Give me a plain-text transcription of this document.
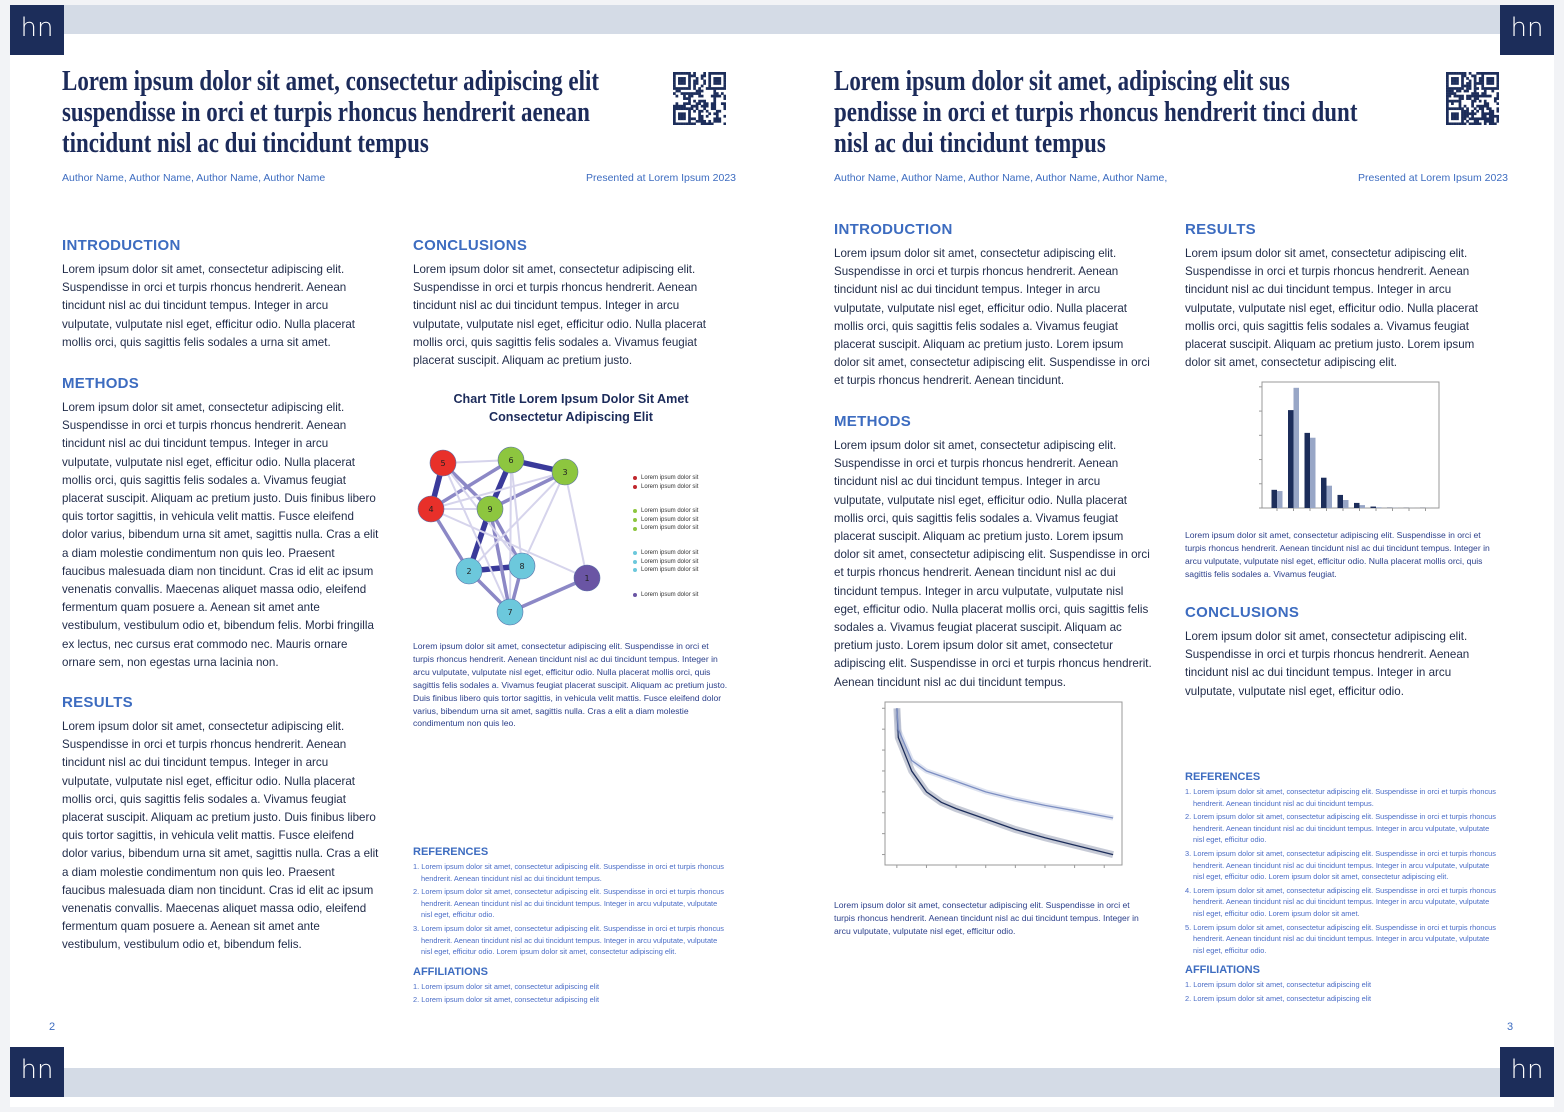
hn	hn
hn	hn
Lorem ipsum dolor sit amet, consectetur adipiscing elit
suspendisse in orci et turpis rhoncus hendrerit aenean
tincidunt nisl ac dui tincidunt tempus
Author Name, Author Name, Author Name, Author Name	Presented at Lorem Ipsum 2023
INTRODUCTION

Lorem ipsum dolor sit amet, consectetur adipiscing elit. Suspendisse in orci et turpis rhoncus hendrerit. Aenean tincidunt nisl ac dui tincidunt tempus. Integer in arcu vulputate, vulputate nisl eget, efficitur odio. Nulla placerat mollis orci, quis sagittis felis sodales a urna sit amet.

METHODS

Lorem ipsum dolor sit amet, consectetur adipiscing elit. Suspendisse in orci et turpis rhoncus hendrerit. Aenean tincidunt nisl ac dui tincidunt tempus. Integer in arcu vulputate, vulputate nisl eget, efficitur odio. Nulla placerat mollis orci, quis sagittis felis sodales a. Vivamus feugiat placerat suscipit. Aliquam ac pretium justo. Duis finibus libero quis tortor sagittis, in vehicula velit mattis. Fusce eleifend dolor varius, bibendum urna sit amet, sagittis nulla. Cras a elit a diam molestie condimentum non quis leo. Praesent faucibus malesuada diam non tincidunt. Cras id elit ac ipsum venenatis convallis. Maecenas aliquet massa odio, eleifend fermentum quam posuere a. Aenean sit amet ante vestibulum, vestibulum odio et, bibendum felis. Morbi fringilla ex lectus, nec cursus erat commodo nec. Mauris ornare ornare sem, non egestas urna lacinia non.

RESULTS

Lorem ipsum dolor sit amet, consectetur adipiscing elit. Suspendisse in orci et turpis rhoncus hendrerit. Aenean tincidunt nisl ac dui tincidunt tempus. Integer in arcu vulputate, vulputate nisl eget, efficitur odio. Nulla placerat mollis orci, quis sagittis felis sodales a. Vivamus feugiat placerat suscipit. Aliquam ac pretium justo. Duis finibus libero quis tortor sagittis, in vehicula velit mattis. Fusce eleifend dolor varius, bibendum urna sit amet, sagittis nulla. Cras a elit a diam molestie condimentum non quis leo. Praesent faucibus malesuada diam non tincidunt. Cras id elit ac ipsum venenatis convallis. Maecenas aliquet massa odio, eleifend fermentum quam posuere a. Aenean sit amet ante vestibulum, vestibulum odio et, bibendum felis.

CONCLUSIONS

Lorem ipsum dolor sit amet, consectetur adipiscing elit. Suspendisse in orci et turpis rhoncus hendrerit. Aenean tincidunt nisl ac dui tincidunt tempus. Integer in arcu vulputate, vulputate nisl eget, efficitur odio. Nulla placerat mollis orci, quis sagittis felis sodales a. Vivamus feugiat placerat suscipit. Aliquam ac pretium justo.

Chart Title Lorem Ipsum Dolor Sit Amet
Consectetur Adipiscing Elit
1
2
3
4
5	6
7
8
9
Lorem ipsum dolor sit
Lorem ipsum dolor sit
Lorem ipsum dolor sit
Lorem ipsum dolor sit
Lorem ipsum dolor sit
Lorem ipsum dolor sit
Lorem ipsum dolor sit
Lorem ipsum dolor sit
Lorem ipsum dolor sit
Lorem ipsum dolor sit amet, consectetur adipiscing elit. Suspendisse in orci et turpis rhoncus hendrerit. Aenean tincidunt nisl ac dui tincidunt tempus. Integer in arcu vulputate, vulputate nisl eget, efficitur odio. Nulla placerat mollis orci, quis sagittis felis sodales a. Vivamus feugiat placerat suscipit. Aliquam ac pretium justo. Duis finibus libero quis tortor sagittis, in vehicula velit mattis. Fusce eleifend dolor varius, bibendum urna sit amet, sagittis nulla. Cras a elit a diam molestie condimentum non quis leo.
REFERENCES
1. Lorem ipsum dolor sit amet, consectetur adipiscing elit. Suspendisse in orci et turpis rhoncus hendrerit. Aenean tincidunt nisl ac dui tincidunt tempus.
2. Lorem ipsum dolor sit amet, consectetur adipiscing elit. Suspendisse in orci et turpis rhoncus hendrerit. Aenean tincidunt nisl ac dui tincidunt tempus. Integer in arcu vulputate, vulputate nisl eget, efficitur odio.
3. Lorem ipsum dolor sit amet, consectetur adipiscing elit. Suspendisse in orci et turpis rhoncus hendrerit. Aenean tincidunt nisl ac dui tincidunt tempus. Integer in arcu vulputate, vulputate nisl eget, efficitur odio. Lorem ipsum dolor sit amet, consectetur adipiscing elit.
AFFILIATIONS
1. Lorem ipsum dolor sit amet, consectetur adipiscing elit
2. Lorem ipsum dolor sit amet, consectetur adipiscing elit
2
Lorem ipsum dolor sit amet, adipiscing elit sus
pendisse in orci et turpis rhoncus hendrerit tinci dunt
nisl ac dui tincidunt tempus
Author Name, Author Name, Author Name, Author Name, Author Name,	Presented at Lorem Ipsum 2023
INTRODUCTION

Lorem ipsum dolor sit amet, consectetur adipiscing elit. Suspendisse in orci et turpis rhoncus hendrerit. Aenean tincidunt nisl ac dui tincidunt tempus. Integer in arcu vulputate, vulputate nisl eget, efficitur odio. Nulla placerat mollis orci, quis sagittis felis sodales a. Vivamus feugiat placerat suscipit. Aliquam ac pretium justo. Lorem ipsum dolor sit amet, consectetur adipiscing elit. Suspendisse in orci et turpis rhoncus hendrerit. Aenean tincidunt.

METHODS

Lorem ipsum dolor sit amet, consectetur adipiscing elit. Suspendisse in orci et turpis rhoncus hendrerit. Aenean tincidunt nisl ac dui tincidunt tempus. Integer in arcu vulputate, vulputate nisl eget, efficitur odio. Nulla placerat mollis orci, quis sagittis felis sodales a. Vivamus feugiat placerat suscipit. Aliquam ac pretium justo. Lorem ipsum dolor sit amet, consectetur adipiscing elit. Suspendisse in orci et turpis rhoncus hendrerit. Aenean tincidunt nisl ac dui tincidunt tempus. Integer in arcu vulputate, vulputate nisl eget, efficitur odio. Nulla placerat mollis orci, quis sagittis felis sodales a. Vivamus feugiat placerat suscipit. Aliquam ac pretium justo. Lorem ipsum dolor sit amet, consectetur adipiscing elit. Suspendisse in orci et turpis rhoncus hendrerit. Aenean tincidunt nisl ac dui tincidunt tempus.

Lorem ipsum dolor sit amet, consectetur adipiscing elit. Suspendisse in orci et turpis rhoncus hendrerit. Aenean tincidunt nisl ac dui tincidunt tempus. Integer in arcu vulputate, vulputate nisl eget, efficitur odio.
RESULTS

Lorem ipsum dolor sit amet, consectetur adipiscing elit. Suspendisse in orci et turpis rhoncus hendrerit. Aenean tincidunt nisl ac dui tincidunt tempus. Integer in arcu vulputate, vulputate nisl eget, efficitur odio. Nulla placerat mollis orci, quis sagittis felis sodales a. Vivamus feugiat placerat suscipit. Aliquam ac pretium justo. Lorem ipsum dolor sit amet, consectetur adipiscing elit.

Lorem ipsum dolor sit amet, consectetur adipiscing elit. Suspendisse in orci et turpis rhoncus hendrerit. Aenean tincidunt nisl ac dui tincidunt tempus. Integer in arcu vulputate, vulputate nisl eget, efficitur odio. Nulla placerat mollis orci, quis sagittis felis sodales a. Vivamus feugiat.
CONCLUSIONS

Lorem ipsum dolor sit amet, consectetur adipiscing elit. Suspendisse in orci et turpis rhoncus hendrerit. Aenean tincidunt nisl ac dui tincidunt tempus. Integer in arcu vulputate, vulputate nisl eget, efficitur odio.

REFERENCES
1. Lorem ipsum dolor sit amet, consectetur adipiscing elit. Suspendisse in orci et turpis rhoncus hendrerit. Aenean tincidunt nisl ac dui tincidunt tempus.
2. Lorem ipsum dolor sit amet, consectetur adipiscing elit. Suspendisse in orci et turpis rhoncus hendrerit. Aenean tincidunt nisl ac dui tincidunt tempus. Integer in arcu vulputate, vulputate nisl eget, efficitur odio.
3. Lorem ipsum dolor sit amet, consectetur adipiscing elit. Suspendisse in orci et turpis rhoncus hendrerit. Aenean tincidunt nisl ac dui tincidunt tempus. Integer in arcu vulputate, vulputate nisl eget, efficitur odio. Lorem ipsum dolor sit amet, consectetur adipiscing elit.
4. Lorem ipsum dolor sit amet, consectetur adipiscing elit. Suspendisse in orci et turpis rhoncus hendrerit. Aenean tincidunt nisl ac dui tincidunt tempus. Integer in arcu vulputate, vulputate nisl eget, efficitur odio. Lorem ipsum dolor sit amet.
5. Lorem ipsum dolor sit amet, consectetur adipiscing elit. Suspendisse in orci et turpis rhoncus hendrerit. Aenean tincidunt nisl ac dui tincidunt tempus. Integer in arcu vulputate, vulputate nisl eget, efficitur odio.
AFFILIATIONS
1. Lorem ipsum dolor sit amet, consectetur adipiscing elit
2. Lorem ipsum dolor sit amet, consectetur adipiscing elit
3
